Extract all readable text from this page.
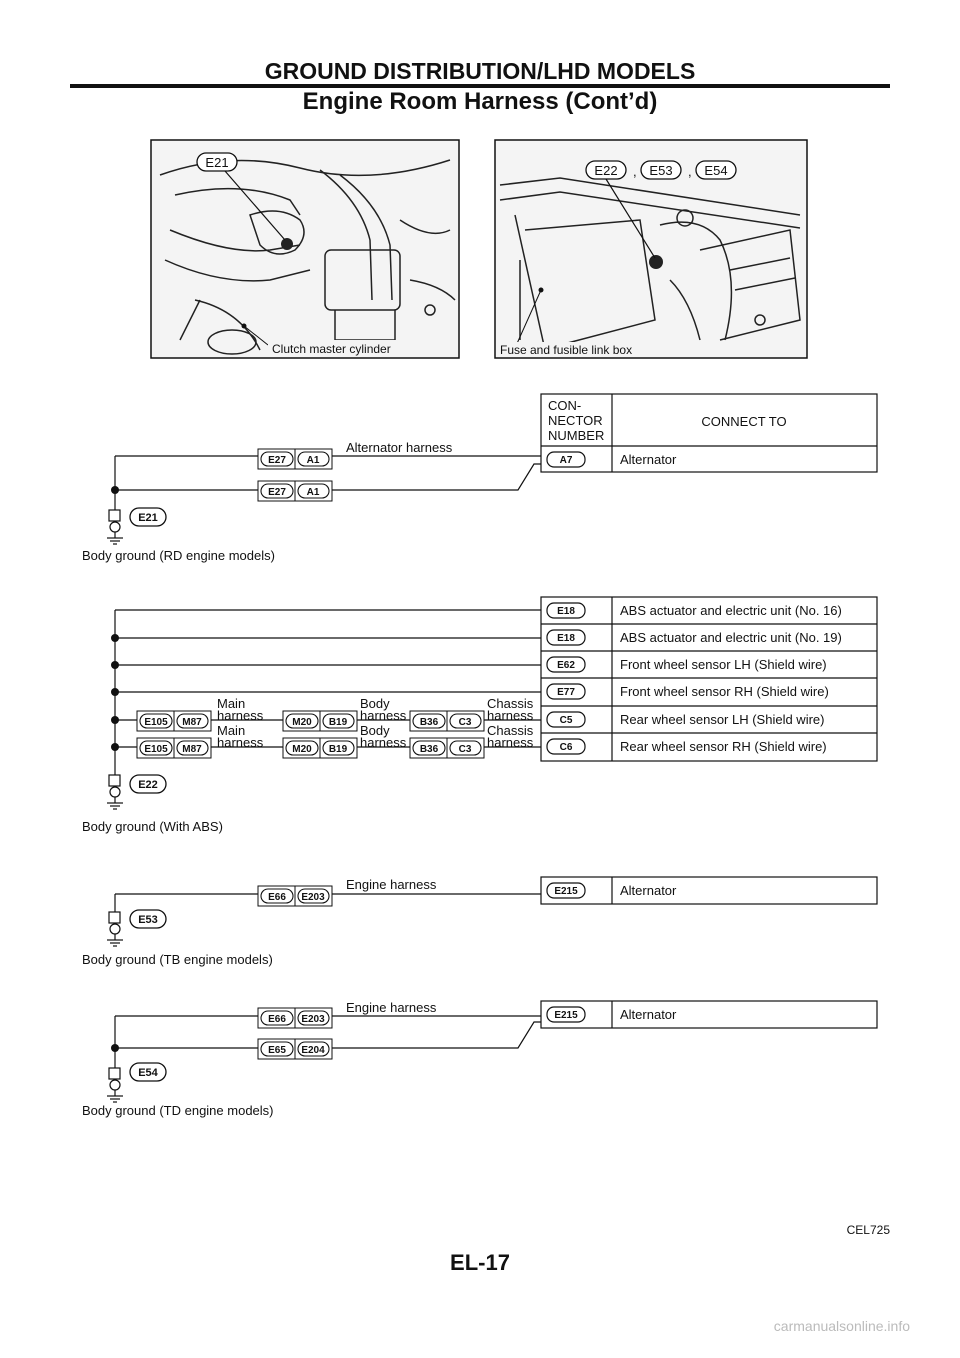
GROUND DISTRIBUTION/LHD MODELS
Engine Room Harness (Cont’d)
E21
Clutch master cylinder
E22 , E53 , E54
Fuse and fusible link box
CON-
NECTOR
NUMBER
CONNECT TO
A7	Alternator
Alternator harness
E27 A1
E27 A1
E21
Body ground (RD engine models)
E18	ABS actuator and electric unit (No. 16)
E18	ABS actuator and electric unit (No. 19)
E62	Front wheel sensor LH (Shield wire)
E77	Front wheel sensor RH (Shield wire)
C5	Rear wheel sensor LH (Shield wire)
C6	Rear wheel sensor RH (Shield wire)
Main
harness
Main
harness
Body
harness
Body
harness
Chassis
harness
Chassis
harness
E105 M87	M20 B19	B36 C3
E105 M87	M20 B19	B36 C3
E22
Body ground (With ABS)
E215	Alternator
Engine harness
E66 E203
E53
Body ground (TB engine models)
E215	Alternator
Engine harness
E66 E203
E65 E204
E54
Body ground (TD engine models)
CEL725
EL-17
carmanualsonline.info
